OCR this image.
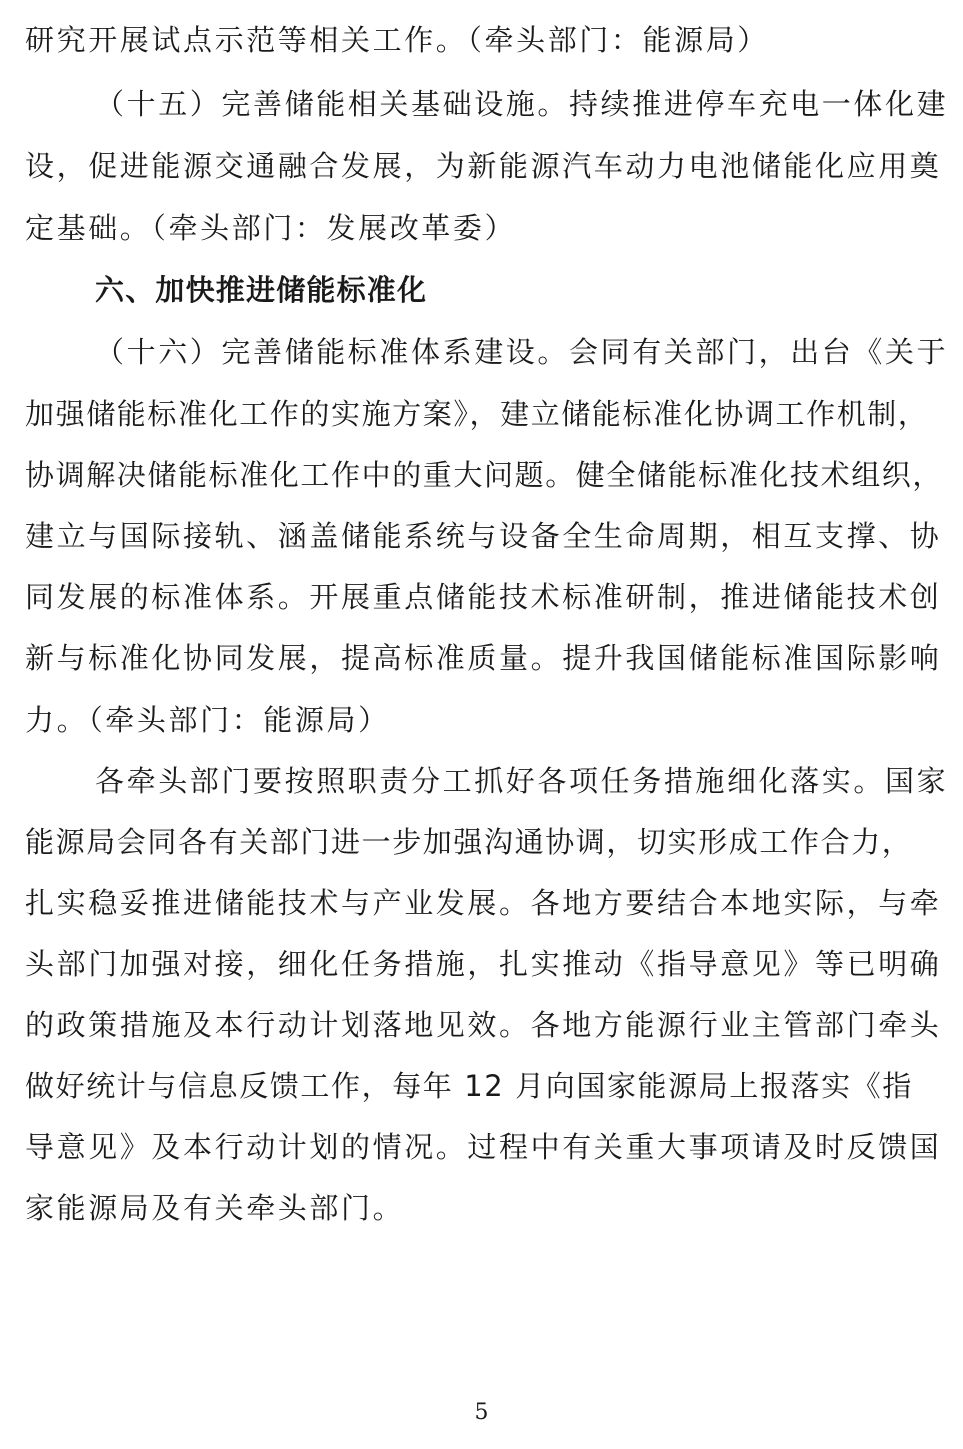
研究开展试点示范等相关工作。（牵头部门：能源局）
（十五）完善储能相关基础设施。持续推进停车充电一体化建
设，促进能源交通融合发展，为新能源汽车动力电池储能化应用奠
定基础。（牵头部门：发展改革委）
六、加快推进储能标准化
（十六）完善储能标准体系建设。会同有关部门，出台《关于
加强储能标准化工作的实施方案》，建立储能标准化协调工作机制，
协调解决储能标准化工作中的重大问题。健全储能标准化技术组织，
建立与国际接轨、涵盖储能系统与设备全生命周期，相互支撑、协
同发展的标准体系。开展重点储能技术标准研制，推进储能技术创
新与标准化协同发展，提高标准质量。提升我国储能标准国际影响
力。（牵头部门：能源局）
各牵头部门要按照职责分工抓好各项任务措施细化落实。国家
能源局会同各有关部门进一步加强沟通协调，切实形成工作合力，
扎实稳妥推进储能技术与产业发展。各地方要结合本地实际，与牵
头部门加强对接，细化任务措施，扎实推动《指导意见》等已明确
的政策措施及本行动计划落地见效。各地方能源行业主管部门牵头
做好统计与信息反馈工作，每年 12 月向国家能源局上报落实《指
导意见》及本行动计划的情况。过程中有关重大事项请及时反馈国
家能源局及有关牵头部门。
5
